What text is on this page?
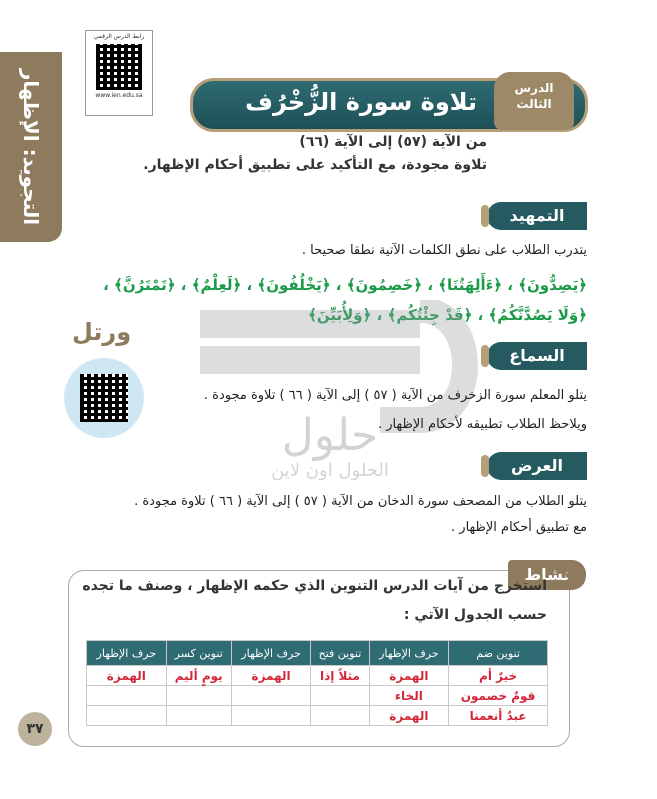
التجويد: الإظهار
رابط الدرس الرقمي
www.ien.edu.sa	تلاوة سورة الزُّخْرُف	الدرس
الثالث
من الآية (٥٧) إلى الآية (٦٦)
تلاوة مجودة، مع التأكيد على تطبيق أحكام الإظهار.
التمهيد
يتدرب الطلاب على نطق الكلمات الآتية نطقا صحيحا .
﴿يَصِدُّونَ﴾ ، ﴿ءَأَلِهَتُنَا﴾ ، ﴿خَصِمُونَ﴾ ، ﴿يَخْلُفُونَ﴾ ، ﴿لَعِلْمٌ﴾ ، ﴿تَمْتَرُنَّ﴾ ،
﴿وَلَا يَصُدَّنَّكُمُ﴾ ، ﴿قَدْ جِئْتُكُم﴾ ، ﴿وَلِأُبَيِّنَ﴾
حلول
الحلول اون لاين
ورتل
السماع
يتلو المعلم سورة الزخرف من الآية ( ٥٧ ) إلى الآية ( ٦٦ ) تلاوة مجودة .
ويلاحظ الطلاب تطبيقه لأحكام الإظهار .
العرض
يتلو الطلاب من المصحف سورة الدخان من الآية ( ٥٧ ) إلى الآية ( ٦٦ ) تلاوة مجودة .
مع تطبيق أحكام الإظهار .
نشاط
?
استخرج من آيات الدرس التنوين الذي حكمه الإظهار ، وصنف ما تجده
حسب الجدول الآتي :
تنوين ضم	حرف الإظهار	تنوين فتح	حرف الإظهار	تنوين كسر	حرف الإظهار
خيرٌ أم	الهمزة	مثلاً إذا	الهمزة	يومٍ أليم	الهمزة
قومٌ خصمون	الخاء				
عبدٌ أنعمنا	الهمزة				
٣٧
